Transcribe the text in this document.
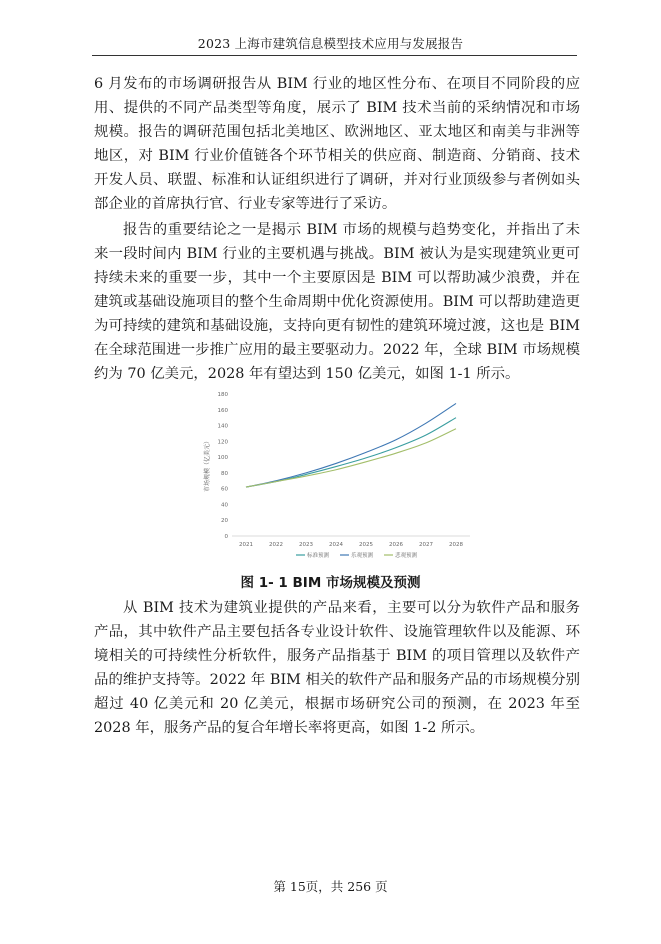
2023 上海市建筑信息模型技术应用与发展报告

6 月发布的市场调研报告从 BIM 行业的地区性分布、在项目不同阶段的应用、提供的不同产品类型等角度，展示了 BIM 技术当前的采纳情况和市场规模。报告的调研范围包括北美地区、欧洲地区、亚太地区和南美与非洲等地区，对 BIM 行业价值链各个环节相关的供应商、制造商、分销商、技术开发人员、联盟、标准和认证组织进行了调研，并对行业顶级参与者例如头部企业的首席执行官、行业专家等进行了采访。

报告的重要结论之一是揭示 BIM 市场的规模与趋势变化，并指出了未来一段时间内 BIM 行业的主要机遇与挑战。BIM 被认为是实现建筑业更可持续未来的重要一步，其中一个主要原因是 BIM 可以帮助减少浪费，并在建筑或基础设施项目的整个生命周期中优化资源使用。BIM 可以帮助建造更为可持续的建筑和基础设施，支持向更有韧性的建筑环境过渡，这也是 BIM 在全球范围进一步推广应用的最主要驱动力。2022 年，全球 BIM 市场规模约为 70 亿美元，2028 年有望达到 150 亿美元，如图 1-1 所示。

市场规模（亿美元）
0
20
40
60
80
100
120
140
160
180
2021	2022	2023	2024	2025	2026	2027	2028
标准预测	乐观预测	悲观预测
图 1- 1 BIM 市场规模及预测

从 BIM 技术为建筑业提供的产品来看，主要可以分为软件产品和服务产品，其中软件产品主要包括各专业设计软件、设施管理软件以及能源、环境相关的可持续性分析软件，服务产品指基于 BIM 的项目管理以及软件产品的维护支持等。2022 年 BIM 相关的软件产品和服务产品的市场规模分别超过 40 亿美元和 20 亿美元，根据市场研究公司的预测，在 2023 年至 2028 年，服务产品的复合年增长率将更高，如图 1-2 所示。

第 15页，共 256 页
